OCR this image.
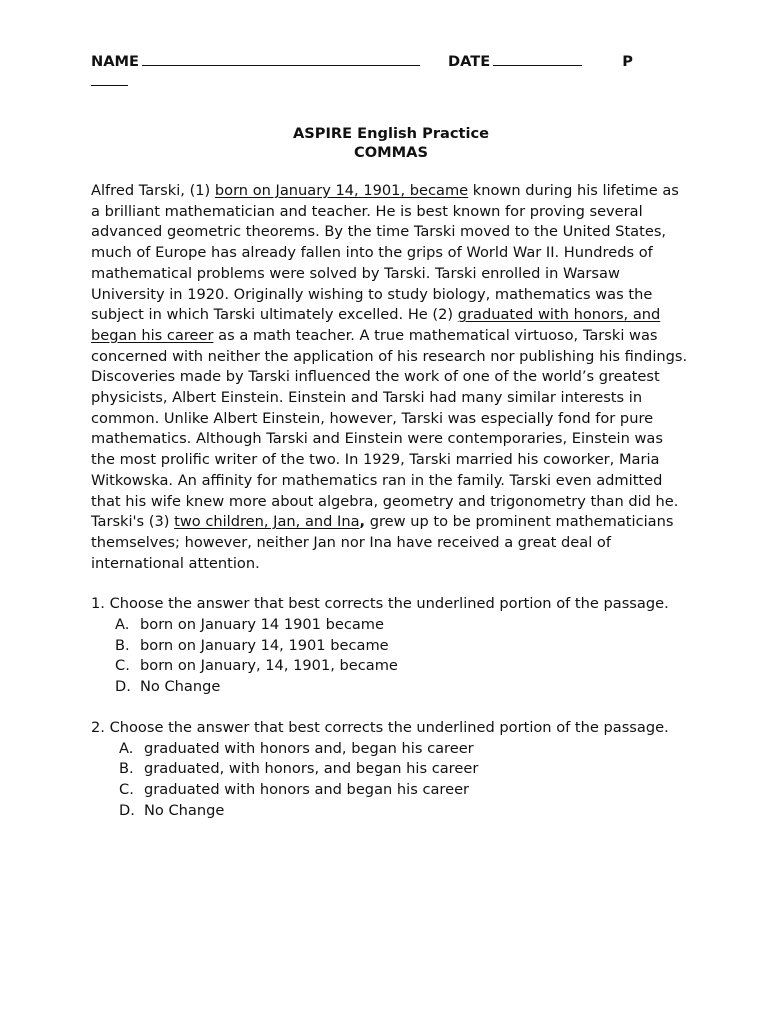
NAME	DATE	P
ASPIRE English Practice
COMMAS
Alfred Tarski, (1) born on January 14, 1901, became known during his lifetime as a brilliant mathematician and teacher. He is best known for proving several advanced geometric theorems. By the time Tarski moved to the United States, much of Europe has already fallen into the grips of World War II. Hundreds of mathematical problems were solved by Tarski. Tarski enrolled in Warsaw University in 1920. Originally wishing to study biology, mathematics was the subject in which Tarski ultimately excelled. He (2) graduated with honors, and began his career as a math teacher. A true mathematical virtuoso, Tarski was concerned with neither the application of his research nor publishing his findings. Discoveries made by Tarski influenced the work of one of the world’s greatest physicists, Albert Einstein. Einstein and Tarski had many similar interests in common. Unlike Albert Einstein, however, Tarski was especially fond for pure mathematics. Although Tarski and Einstein were contemporaries, Einstein was the most prolific writer of the two. In 1929, Tarski married his coworker, Maria Witkowska. An affinity for mathematics ran in the family. Tarski even admitted that his wife knew more about algebra, geometry and trigonometry than did he. Tarski's (3) two children, Jan, and Ina, grew up to be prominent mathematicians themselves; however, neither Jan nor Ina have received a great deal of international attention.
1. Choose the answer that best corrects the underlined portion of the passage.
A. born on January 14 1901 became
B. born on January 14, 1901 became
C. born on January, 14, 1901, became
D. No Change
2. Choose the answer that best corrects the underlined portion of the passage.
A. graduated with honors and, began his career
B. graduated, with honors, and began his career
C. graduated with honors and began his career
D. No Change
